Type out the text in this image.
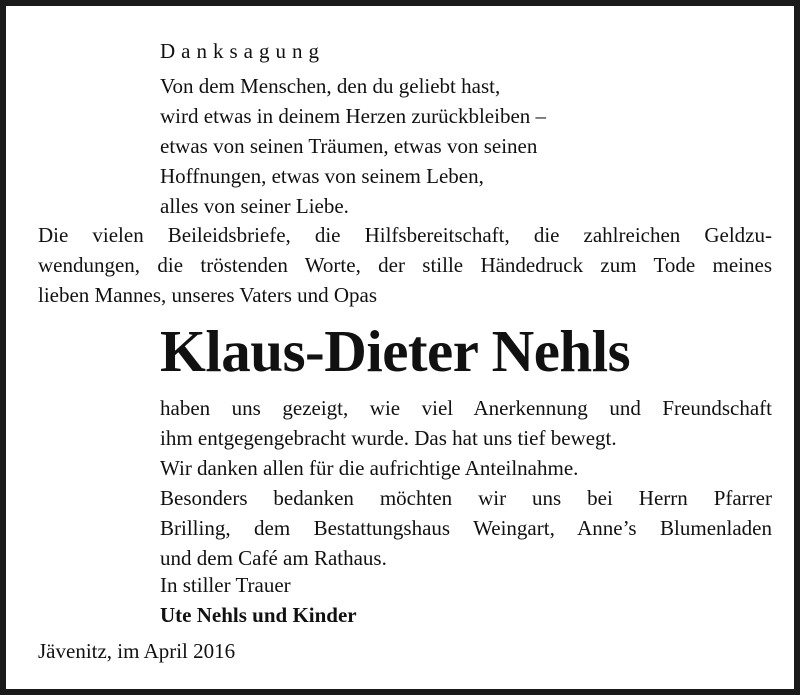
Danksagung
Von dem Menschen, den du geliebt hast,
wird etwas in deinem Herzen zurückbleiben –
etwas von seinen Träumen, etwas von seinen
Hoffnungen, etwas von seinem Leben,
alles von seiner Liebe.
Die vielen Beileidsbriefe, die Hilfsbereitschaft, die zahlreichen Geldzu-
wendungen, die tröstenden Worte, der stille Händedruck zum Tode meines
lieben Mannes, unseres Vaters und Opas
Klaus-Dieter Nehls
haben uns gezeigt, wie viel Anerkennung und Freundschaft
ihm entgegengebracht wurde. Das hat uns tief bewegt.
Wir danken allen für die aufrichtige Anteilnahme.
Besonders bedanken möchten wir uns bei Herrn Pfarrer
Brilling, dem Bestattungshaus Weingart, Anne’s Blumenladen
und dem Café am Rathaus.
In stiller Trauer
Ute Nehls und Kinder
Jävenitz, im April 2016
